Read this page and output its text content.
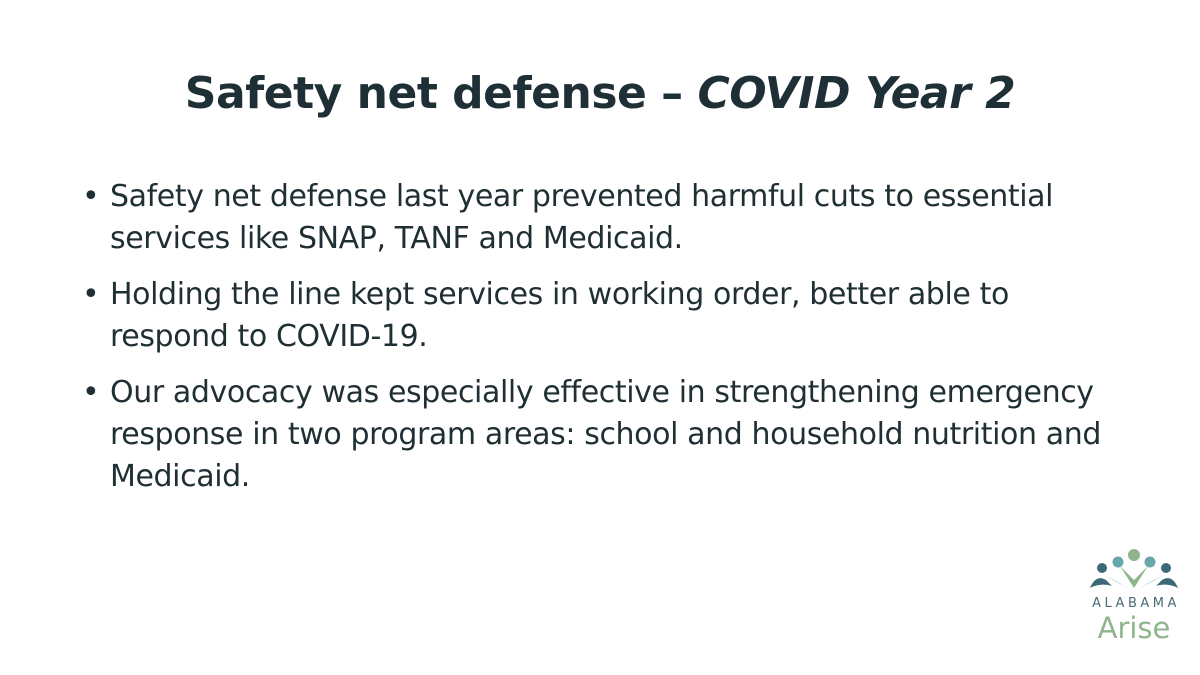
Safety net defense – COVID Year 2
• Safety net defense last year prevented harmful cuts to essential services like SNAP, TANF and Medicaid.
• Holding the line kept services in working order, better able to respond to COVID-19.
• Our advocacy was especially effective in strengthening emergency response in two program areas: school and household nutrition and Medicaid.
ALABAMA
Arise
